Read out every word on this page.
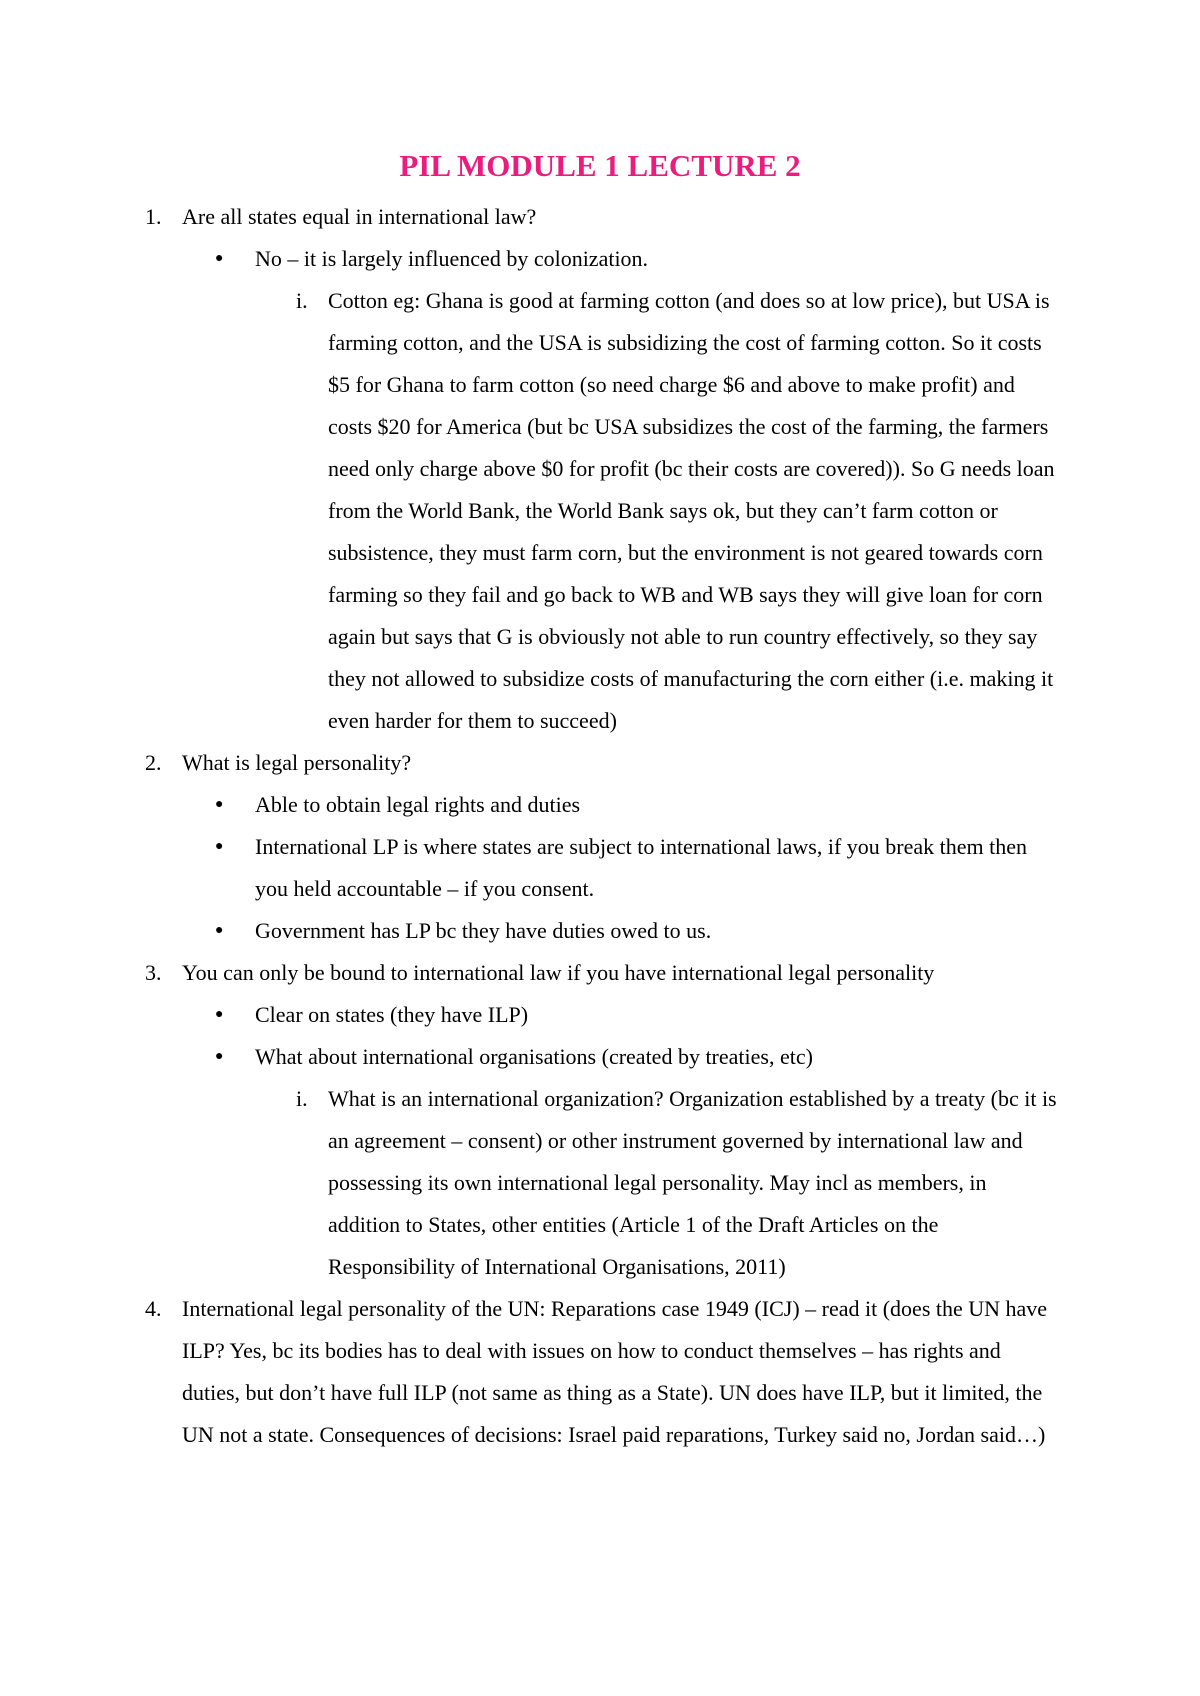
PIL MODULE 1 LECTURE 2
1. Are all states equal in international law?
● No – it is largely influenced by colonization.
i. Cotton eg: Ghana is good at farming cotton (and does so at low price), but USA is farming cotton, and the USA is subsidizing the cost of farming cotton. So it costs $5 for Ghana to farm cotton (so need charge $6 and above to make profit) and costs $20 for America (but bc USA subsidizes the cost of the farming, the farmers need only charge above $0 for profit (bc their costs are covered)). So G needs loan from the World Bank, the World Bank says ok, but they can’t farm cotton or subsistence, they must farm corn, but the environment is not geared towards corn farming so they fail and go back to WB and WB says they will give loan for corn again but says that G is obviously not able to run country effectively, so they say they not allowed to subsidize costs of manufacturing the corn either (i.e. making it even harder for them to succeed)
2. What is legal personality?
● Able to obtain legal rights and duties
● International LP is where states are subject to international laws, if you break them then you held accountable – if you consent.
● Government has LP bc they have duties owed to us.
3. You can only be bound to international law if you have international legal personality
● Clear on states (they have ILP)
● What about international organisations (created by treaties, etc)
i. What is an international organization? Organization established by a treaty (bc it is an agreement – consent) or other instrument governed by international law and possessing its own international legal personality. May incl as members, in addition to States, other entities (Article 1 of the Draft Articles on the Responsibility of International Organisations, 2011)
4. International legal personality of the UN: Reparations case 1949 (ICJ) – read it (does the UN have ILP? Yes, bc its bodies has to deal with issues on how to conduct themselves – has rights and duties, but don’t have full ILP (not same as thing as a State). UN does have ILP, but it limited, the UN not a state. Consequences of decisions: Israel paid reparations, Turkey said no, Jordan said…)
